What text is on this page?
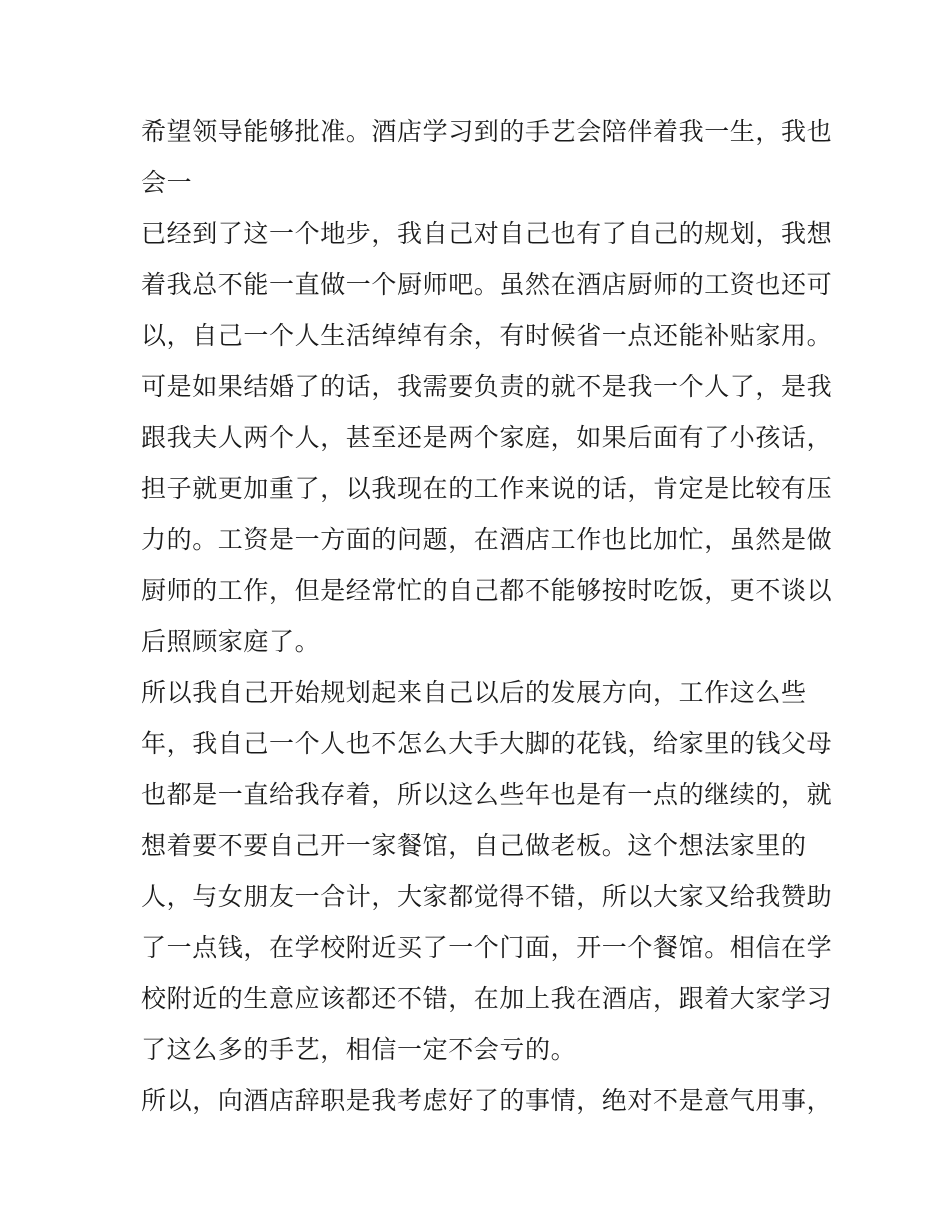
希望领导能够批准。酒店学习到的手艺会陪伴着我一生，我也
会一
已经到了这一个地步，我自己对自己也有了自己的规划，我想
着我总不能一直做一个厨师吧。虽然在酒店厨师的工资也还可
以，自己一个人生活绰绰有余，有时候省一点还能补贴家用。
可是如果结婚了的话，我需要负责的就不是我一个人了，是我
跟我夫人两个人，甚至还是两个家庭，如果后面有了小孩话，
担子就更加重了，以我现在的工作来说的话，肯定是比较有压
力的。工资是一方面的问题，在酒店工作也比加忙，虽然是做
厨师的工作，但是经常忙的自己都不能够按时吃饭，更不谈以
后照顾家庭了。
所以我自己开始规划起来自己以后的发展方向，工作这么些
年，我自己一个人也不怎么大手大脚的花钱，给家里的钱父母
也都是一直给我存着，所以这么些年也是有一点的继续的，就
想着要不要自己开一家餐馆，自己做老板。这个想法家里的
人，与女朋友一合计，大家都觉得不错，所以大家又给我赞助
了一点钱，在学校附近买了一个门面，开一个餐馆。相信在学
校附近的生意应该都还不错，在加上我在酒店，跟着大家学习
了这么多的手艺，相信一定不会亏的。
所以，向酒店辞职是我考虑好了的事情，绝对不是意气用事，
